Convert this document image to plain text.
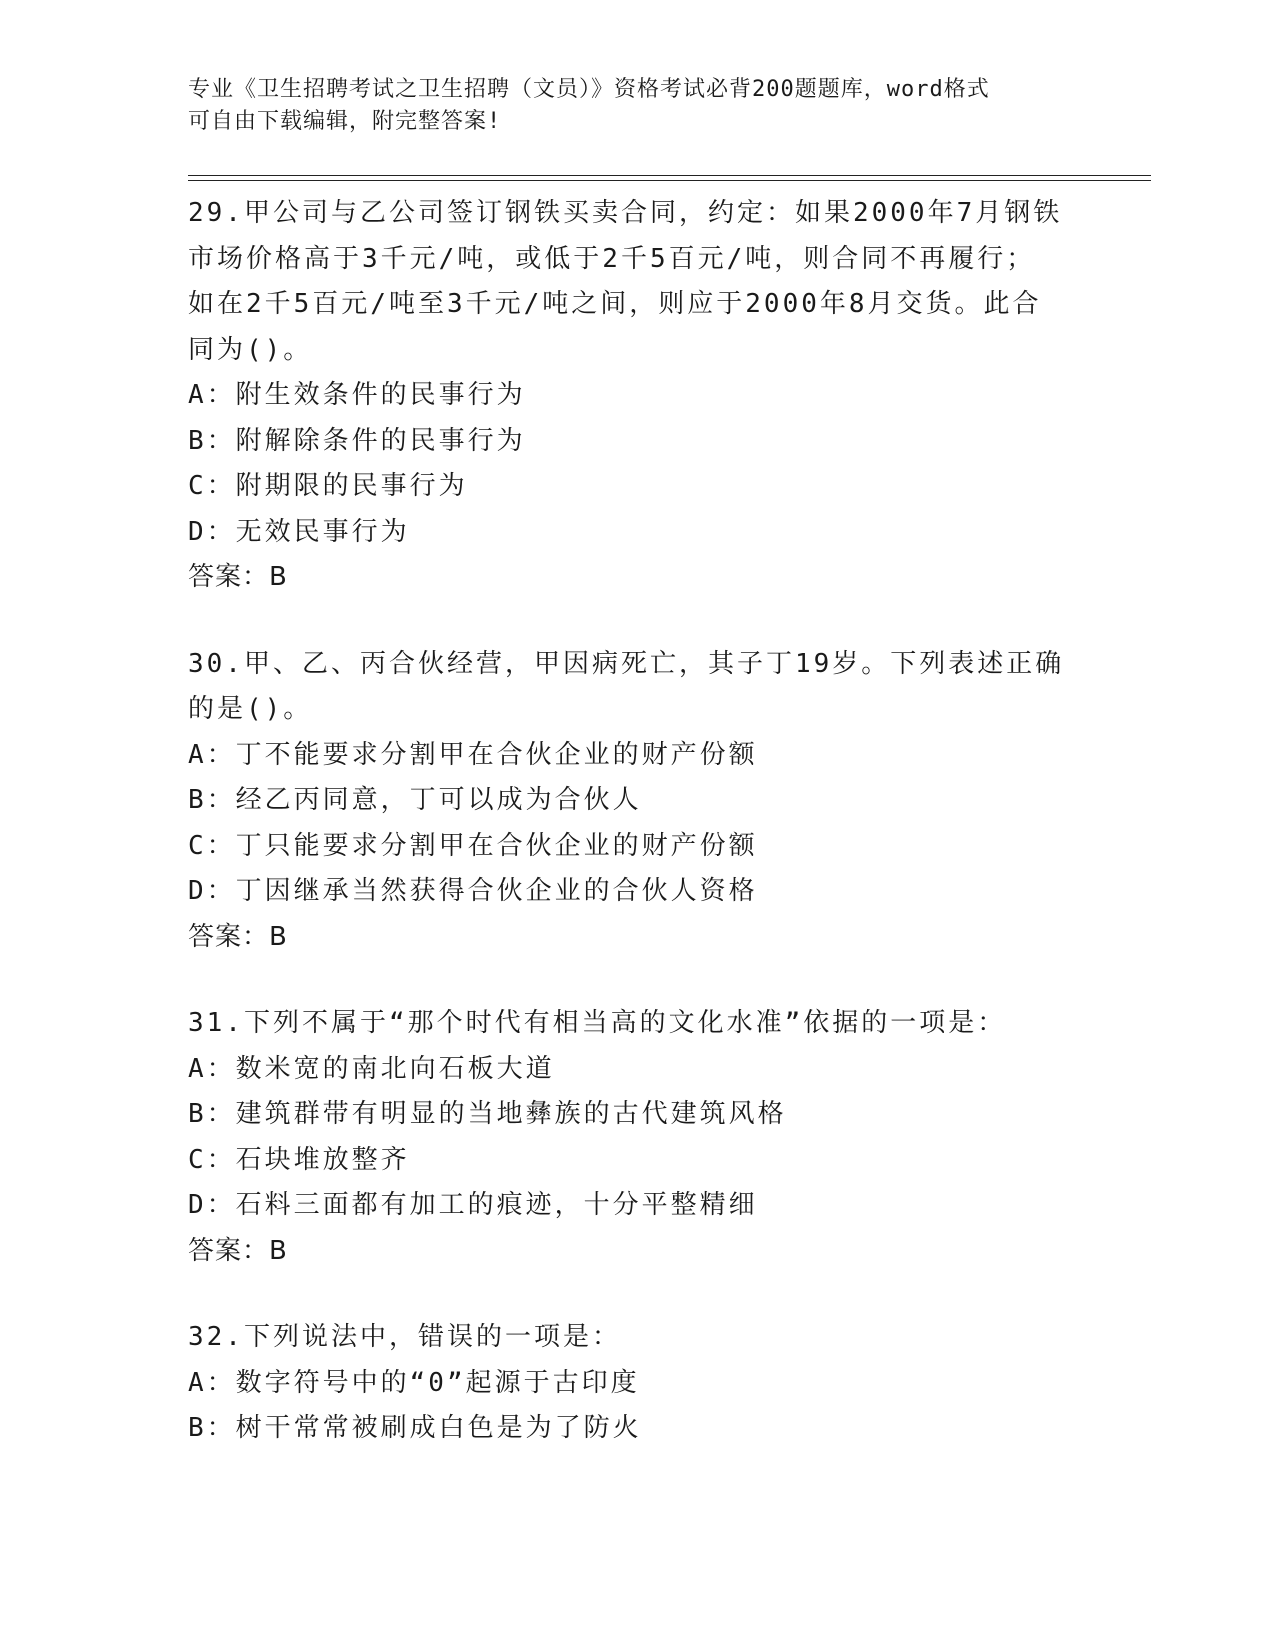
专业《卫生招聘考试之卫生招聘（文员）》资格考试必背200题题库，word格式
可自由下载编辑，附完整答案!
29.甲公司与乙公司签订钢铁买卖合同，约定：如果2000年7月钢铁
市场价格高于3千元/吨，或低于2千5百元/吨，则合同不再履行；
如在2千5百元/吨至3千元/吨之间，则应于2000年8月交货。此合
同为()。
A：附生效条件的民事行为
B：附解除条件的民事行为
C：附期限的民事行为
D：无效民事行为
答案：B
30.甲、乙、丙合伙经营，甲因病死亡，其子丁19岁。下列表述正确
的是()。
A：丁不能要求分割甲在合伙企业的财产份额
B：经乙丙同意，丁可以成为合伙人
C：丁只能要求分割甲在合伙企业的财产份额
D：丁因继承当然获得合伙企业的合伙人资格
答案：B
31.下列不属于“那个时代有相当高的文化水准”依据的一项是：
A：数米宽的南北向石板大道
B：建筑群带有明显的当地彝族的古代建筑风格
C：石块堆放整齐
D：石料三面都有加工的痕迹，十分平整精细
答案：B
32.下列说法中，错误的一项是：
A：数字符号中的“0”起源于古印度
B：树干常常被刷成白色是为了防火
